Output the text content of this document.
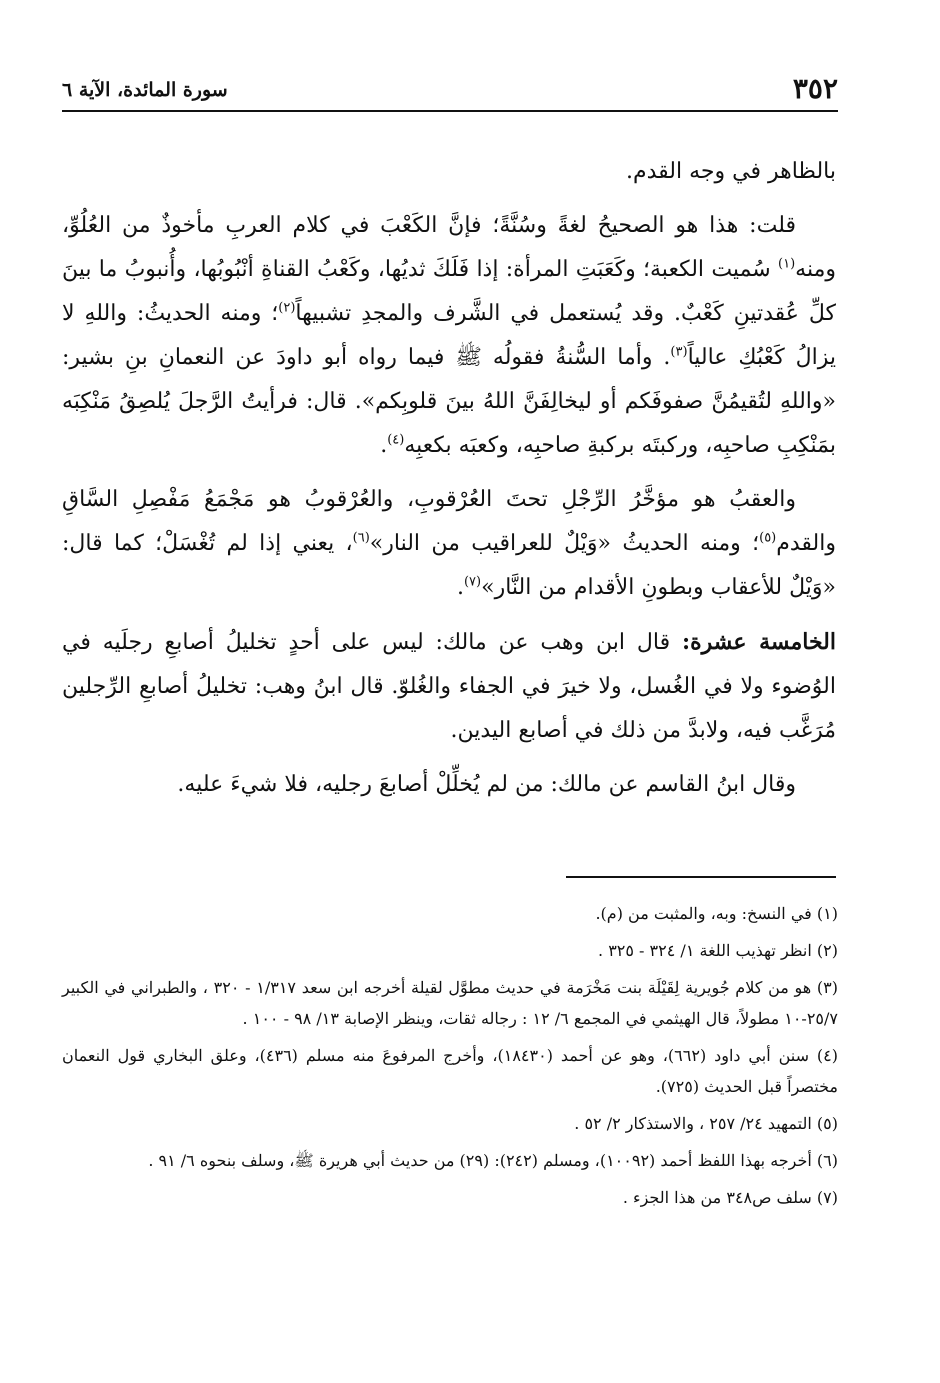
٣٥٢
سورة المائدة، الآية ٦

بالظاهر في وجه القدم.

قلت: هذا هو الصحيحُ لغةً وسُنَّةً؛ فإنَّ الكَعْبَ في كلام العربِ مأخوذٌ من العُلُوِّ، ومنه$^{(١)}$ سُميت الكعبة؛ وكَعَبَتِ المرأة: إذا فَلَكَ ثديُها، وكَعْبُ القناةِ أنْبُوبُها، وأُنبوبُ ما بينَ كلِّ عُقدتينِ كَعْبٌ. وقد يُستعمل في الشَّرف والمجدِ تشبيهاً$^{(٢)}$؛ ومنه الحديثُ: واللهِ لا يزالُ كَعْبُكِ عالياً$^{(٣)}$. وأما السُّنةُ فقولُه ﷺ فيما رواه أبو داودَ عن النعمانِ بنِ بشير: «واللهِ لتُقيمُنَّ صفوفَكم أو ليخالِفَنَّ اللهُ بينَ قلوبِكم». قال: فرأيتُ الرَّجلَ يُلصِقُ مَنْكِبَه بمَنْكِبِ صاحبِه، وركبتَه بركبةِ صاحبِه، وكعبَه بكعبِه$^{(٤)}$.

والعقبُ هو مؤخَّرُ الرِّجْلِ تحتَ العُرْقوبِ، والعُرْقوبُ هو مَجْمَعُ مَفْصِلِ السَّاقِ والقدم$^{(٥)}$؛ ومنه الحديثُ «وَيْلٌ للعراقيب من النار»$^{(٦)}$، يعني إذا لم تُغْسَلْ؛ كما قال: «وَيْلٌ للأعقاب وبطونِ الأقدام من النَّار»$^{(٧)}$.

الخامسة عشرة: قال ابن وهب عن مالك: ليس على أحدٍ تخليلُ أصابعِ رجلَيه في الوُضوء ولا في الغُسل، ولا خيرَ في الجفاء والغُلوّ. قال ابنُ وهب: تخليلُ أصابعِ الرِّجلين مُرَغَّب فيه، ولابدَّ من ذلك في أصابع اليدين.

وقال ابنُ القاسم عن مالك: من لم يُخلِّلْ أصابعَ رجليه، فلا شيءَ عليه.

(١) في النسخ: وبه، والمثبت من (م).

(٢) انظر تهذيب اللغة ١/ ٣٢٤ - ٣٢٥ .

(٣) هو من كلام جُويرية لِقَيْلَة بنت مَخْرَمة في حديث مطوَّل لقيلة أخرجه ابن سعد ١/٣١٧ - ٣٢٠ ، والطبراني في الكبير ٢٥/٧-١٠ مطولاً، قال الهيثمي في المجمع ٦/ ١٢ : رجاله ثقات، وينظر الإصابة ١٣/ ٩٨ - ١٠٠ .

(٤) سنن أبي داود (٦٦٢)، وهو عن أحمد (١٨٤٣٠)، وأخرج المرفوعَ منه مسلم (٤٣٦)، وعلق البخاري قول النعمان مختصراً قبل الحديث (٧٢٥).

(٥) التمهيد ٢٤/ ٢٥٧ ، والاستذكار ٢/ ٥٢ .

(٦) أخرجه بهذا اللفظ أحمد (١٠٠٩٢)، ومسلم (٢٤٢): (٢٩) من حديث أبي هريرة ﷺ، وسلف بنحوه ٦/ ٩١ .

(٧) سلف ص٣٤٨ من هذا الجزء .
